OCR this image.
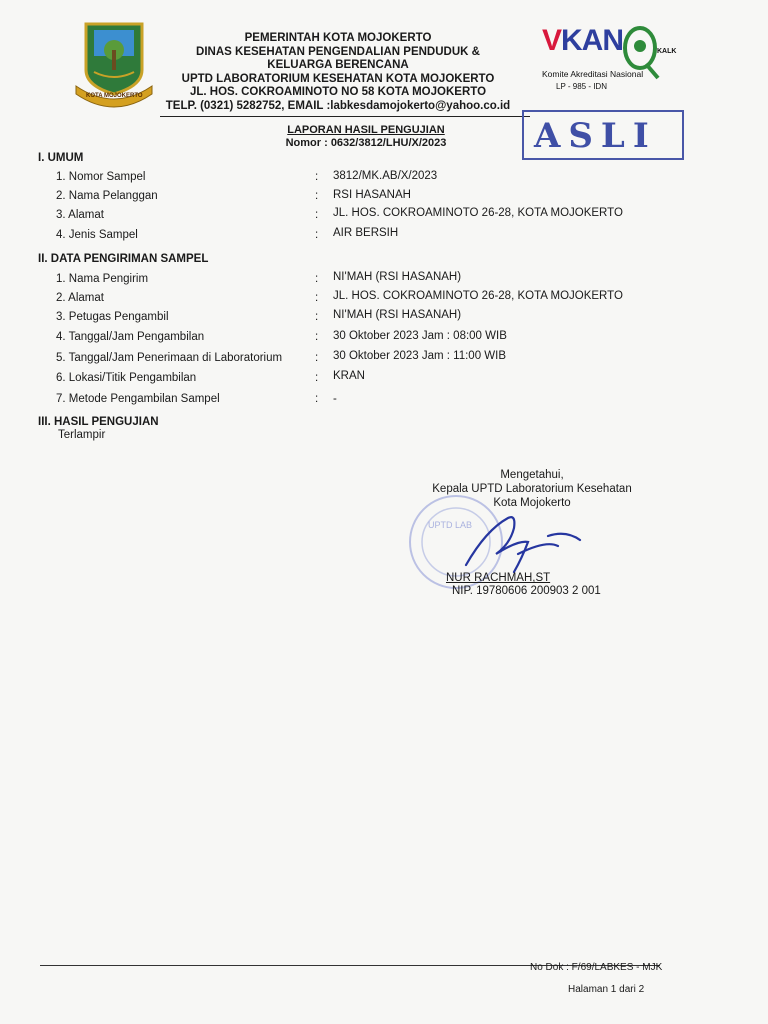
KOTA MOJOKERTO
PEMERINTAH KOTA MOJOKERTO
DINAS KESEHATAN PENGENDALIAN PENDUDUK &
KELUARGA BERENCANA
UPTD LABORATORIUM KESEHATAN KOTA MOJOKERTO
JL. HOS. COKROAMINOTO NO 58 KOTA MOJOKERTO
TELP. (0321) 5282752, EMAIL :labkesdamojokerto@yahoo.co.id
VKAN	KALK
Komite Akreditasi Nasional
LP - 985 - IDN
ASLI
LAPORAN HASIL PENGUJIAN
Nomor : 0632/3812/LHU/X/2023
I. UMUM
1. Nomor Sampel	: 3812/MK.AB/X/2023
2. Nama Pelanggan	: RSI HASANAH
3. Alamat	: JL. HOS. COKROAMINOTO 26-28, KOTA MOJOKERTO
4. Jenis Sampel	: AIR BERSIH
II. DATA PENGIRIMAN SAMPEL
1. Nama Pengirim	: NI'MAH (RSI HASANAH)
2. Alamat	: JL. HOS. COKROAMINOTO 26-28, KOTA MOJOKERTO
3. Petugas Pengambil	: NI'MAH (RSI HASANAH)
4. Tanggal/Jam Pengambilan	: 30 Oktober 2023 Jam : 08:00 WIB
5. Tanggal/Jam Penerimaan di Laboratorium	: 30 Oktober 2023 Jam : 11:00 WIB
6. Lokasi/Titik Pengambilan	: KRAN
7. Metode Pengambilan Sampel	: -
III. HASIL PENGUJIAN
Terlampir
UPTD LAB
Mengetahui,
Kepala UPTD Laboratorium Kesehatan
Kota Mojokerto
NUR RACHMAH,ST
NIP. 19780606 200903 2 001
No Dok : F/69/LABKES - MJK
Halaman 1 dari 2
